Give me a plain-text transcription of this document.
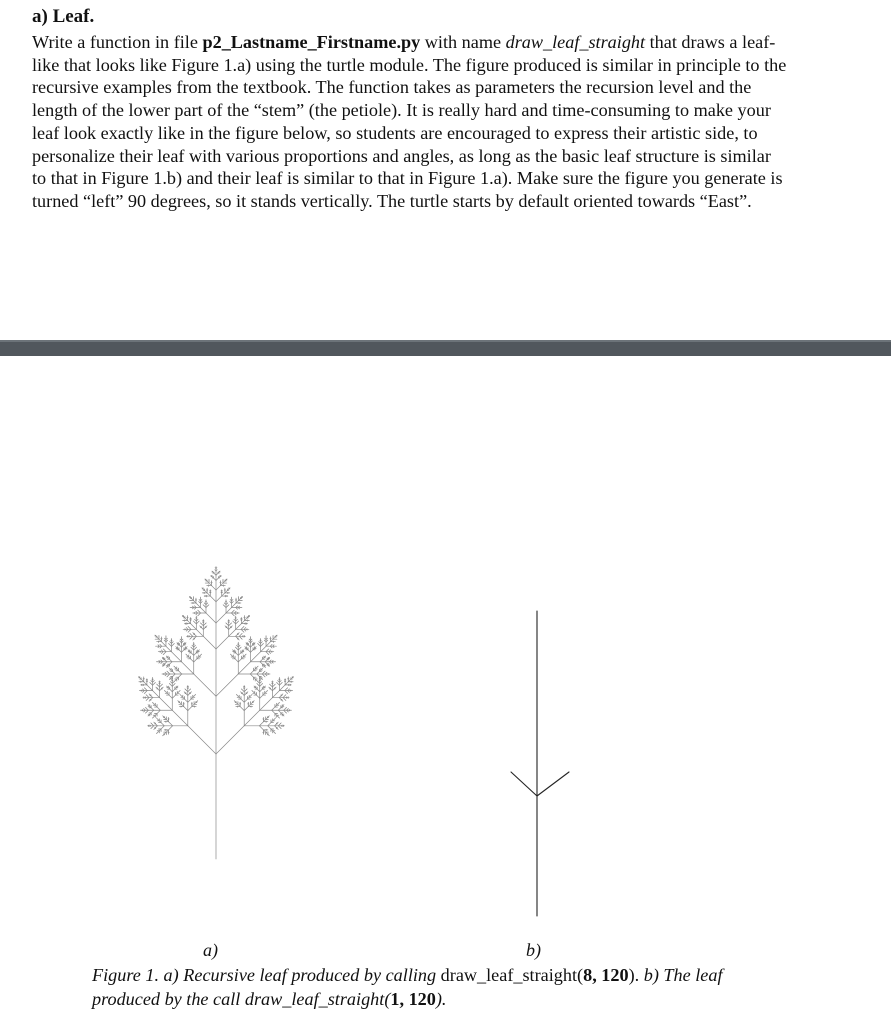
a) Leaf.
Write a function in file p2_Lastname_Firstname.py with name draw_leaf_straight that draws a leaf-
like that looks like Figure 1.a) using the turtle module. The figure produced is similar in principle to the
recursive examples from the textbook. The function takes as parameters the recursion level and the
length of the lower part of the “stem” (the petiole). It is really hard and time-consuming to make your
leaf look exactly like in the figure below, so students are encouraged to express their artistic side, to
personalize their leaf with various proportions and angles, as long as the basic leaf structure is similar
to that in Figure 1.b) and their leaf is similar to that in Figure 1.a). Make sure the figure you generate is
turned “left” 90 degrees, so it stands vertically. The turtle starts by default oriented towards “East”.
a)	b)
Figure 1. a) Recursive leaf produced by calling draw_leaf_straight(8, 120). b) The leaf
produced by the call draw_leaf_straight(1, 120).
